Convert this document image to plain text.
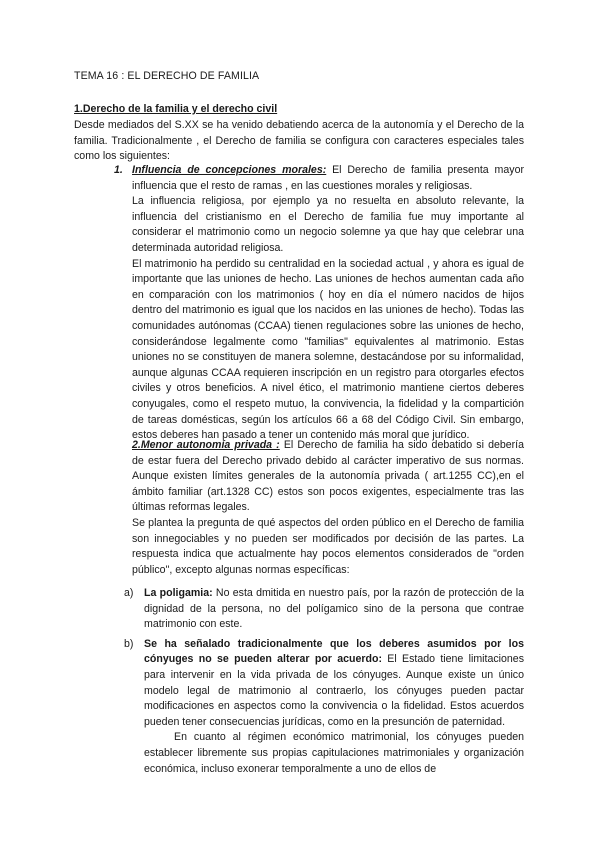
TEMA 16 : EL DERECHO DE FAMILIA
1.Derecho de la familia y el derecho civil

Desde mediados del S.XX se ha venido debatiendo acerca de la autonomía y el Derecho de la familia. Tradicionalmente , el Derecho de familia se configura con caracteres especiales tales como los siguientes:

1. Influencia de concepciones morales: El Derecho de familia presenta mayor influencia que el resto de ramas , en las cuestiones morales y religiosas.

La influencia religiosa, por ejemplo ya no resuelta en absoluto relevante, la influencia del cristianismo en el Derecho de familia fue muy importante al considerar el matrimonio como un negocio solemne ya que hay que celebrar una determinada autoridad religiosa.

El matrimonio ha perdido su centralidad en la sociedad actual , y ahora es igual de importante que las uniones de hecho. Las uniones de hechos aumentan cada año en comparación con los matrimonios ( hoy en día el número nacidos de hijos dentro del matrimonio es igual que los nacidos en las uniones de hecho). Todas las comunidades autónomas (CCAA) tienen regulaciones sobre las uniones de hecho, considerándose legalmente como "familias" equivalentes al matrimonio. Estas uniones no se constituyen de manera solemne, destacándose por su informalidad, aunque algunas CCAA requieren inscripción en un registro para otorgarles efectos civiles y otros beneficios. A nivel ético, el matrimonio mantiene ciertos deberes conyugales, como el respeto mutuo, la convivencia, la fidelidad y la compartición de tareas domésticas, según los artículos 66 a 68 del Código Civil. Sin embargo, estos deberes han pasado a tener un contenido más moral que jurídico.

2.Menor autonomía privada : El Derecho de familia ha sido debatido si debería de estar fuera del Derecho privado debido al carácter imperativo de sus normas. Aunque existen límites generales de la autonomía privada ( art.1255 CC),en el ámbito familiar (art.1328 CC) estos son pocos exigentes, especialmente tras las últimas reformas legales.

Se plantea la pregunta de qué aspectos del orden público en el Derecho de familia son innegociables y no pueden ser modificados por decisión de las partes. La respuesta indica que actualmente hay pocos elementos considerados de "orden público", excepto algunas normas específicas:

a) La poligamia: No esta dmitida en nuestro país, por la razón de protección de la dignidad de la persona, no del polígamico sino de la persona que contrae matrimonio con este.

b) Se ha señalado tradicionalmente que los deberes asumidos por los cónyuges no se pueden alterar por acuerdo: El Estado tiene limitaciones para intervenir en la vida privada de los cónyuges. Aunque existe un único modelo legal de matrimonio al contraerlo, los cónyuges pueden pactar modificaciones en aspectos como la convivencia o la fidelidad. Estos acuerdos pueden tener consecuencias jurídicas, como en la presunción de paternidad.

En cuanto al régimen económico matrimonial, los cónyuges pueden establecer libremente sus propias capitulaciones matrimoniales y organización económica, incluso exonerar temporalmente a uno de ellos de
